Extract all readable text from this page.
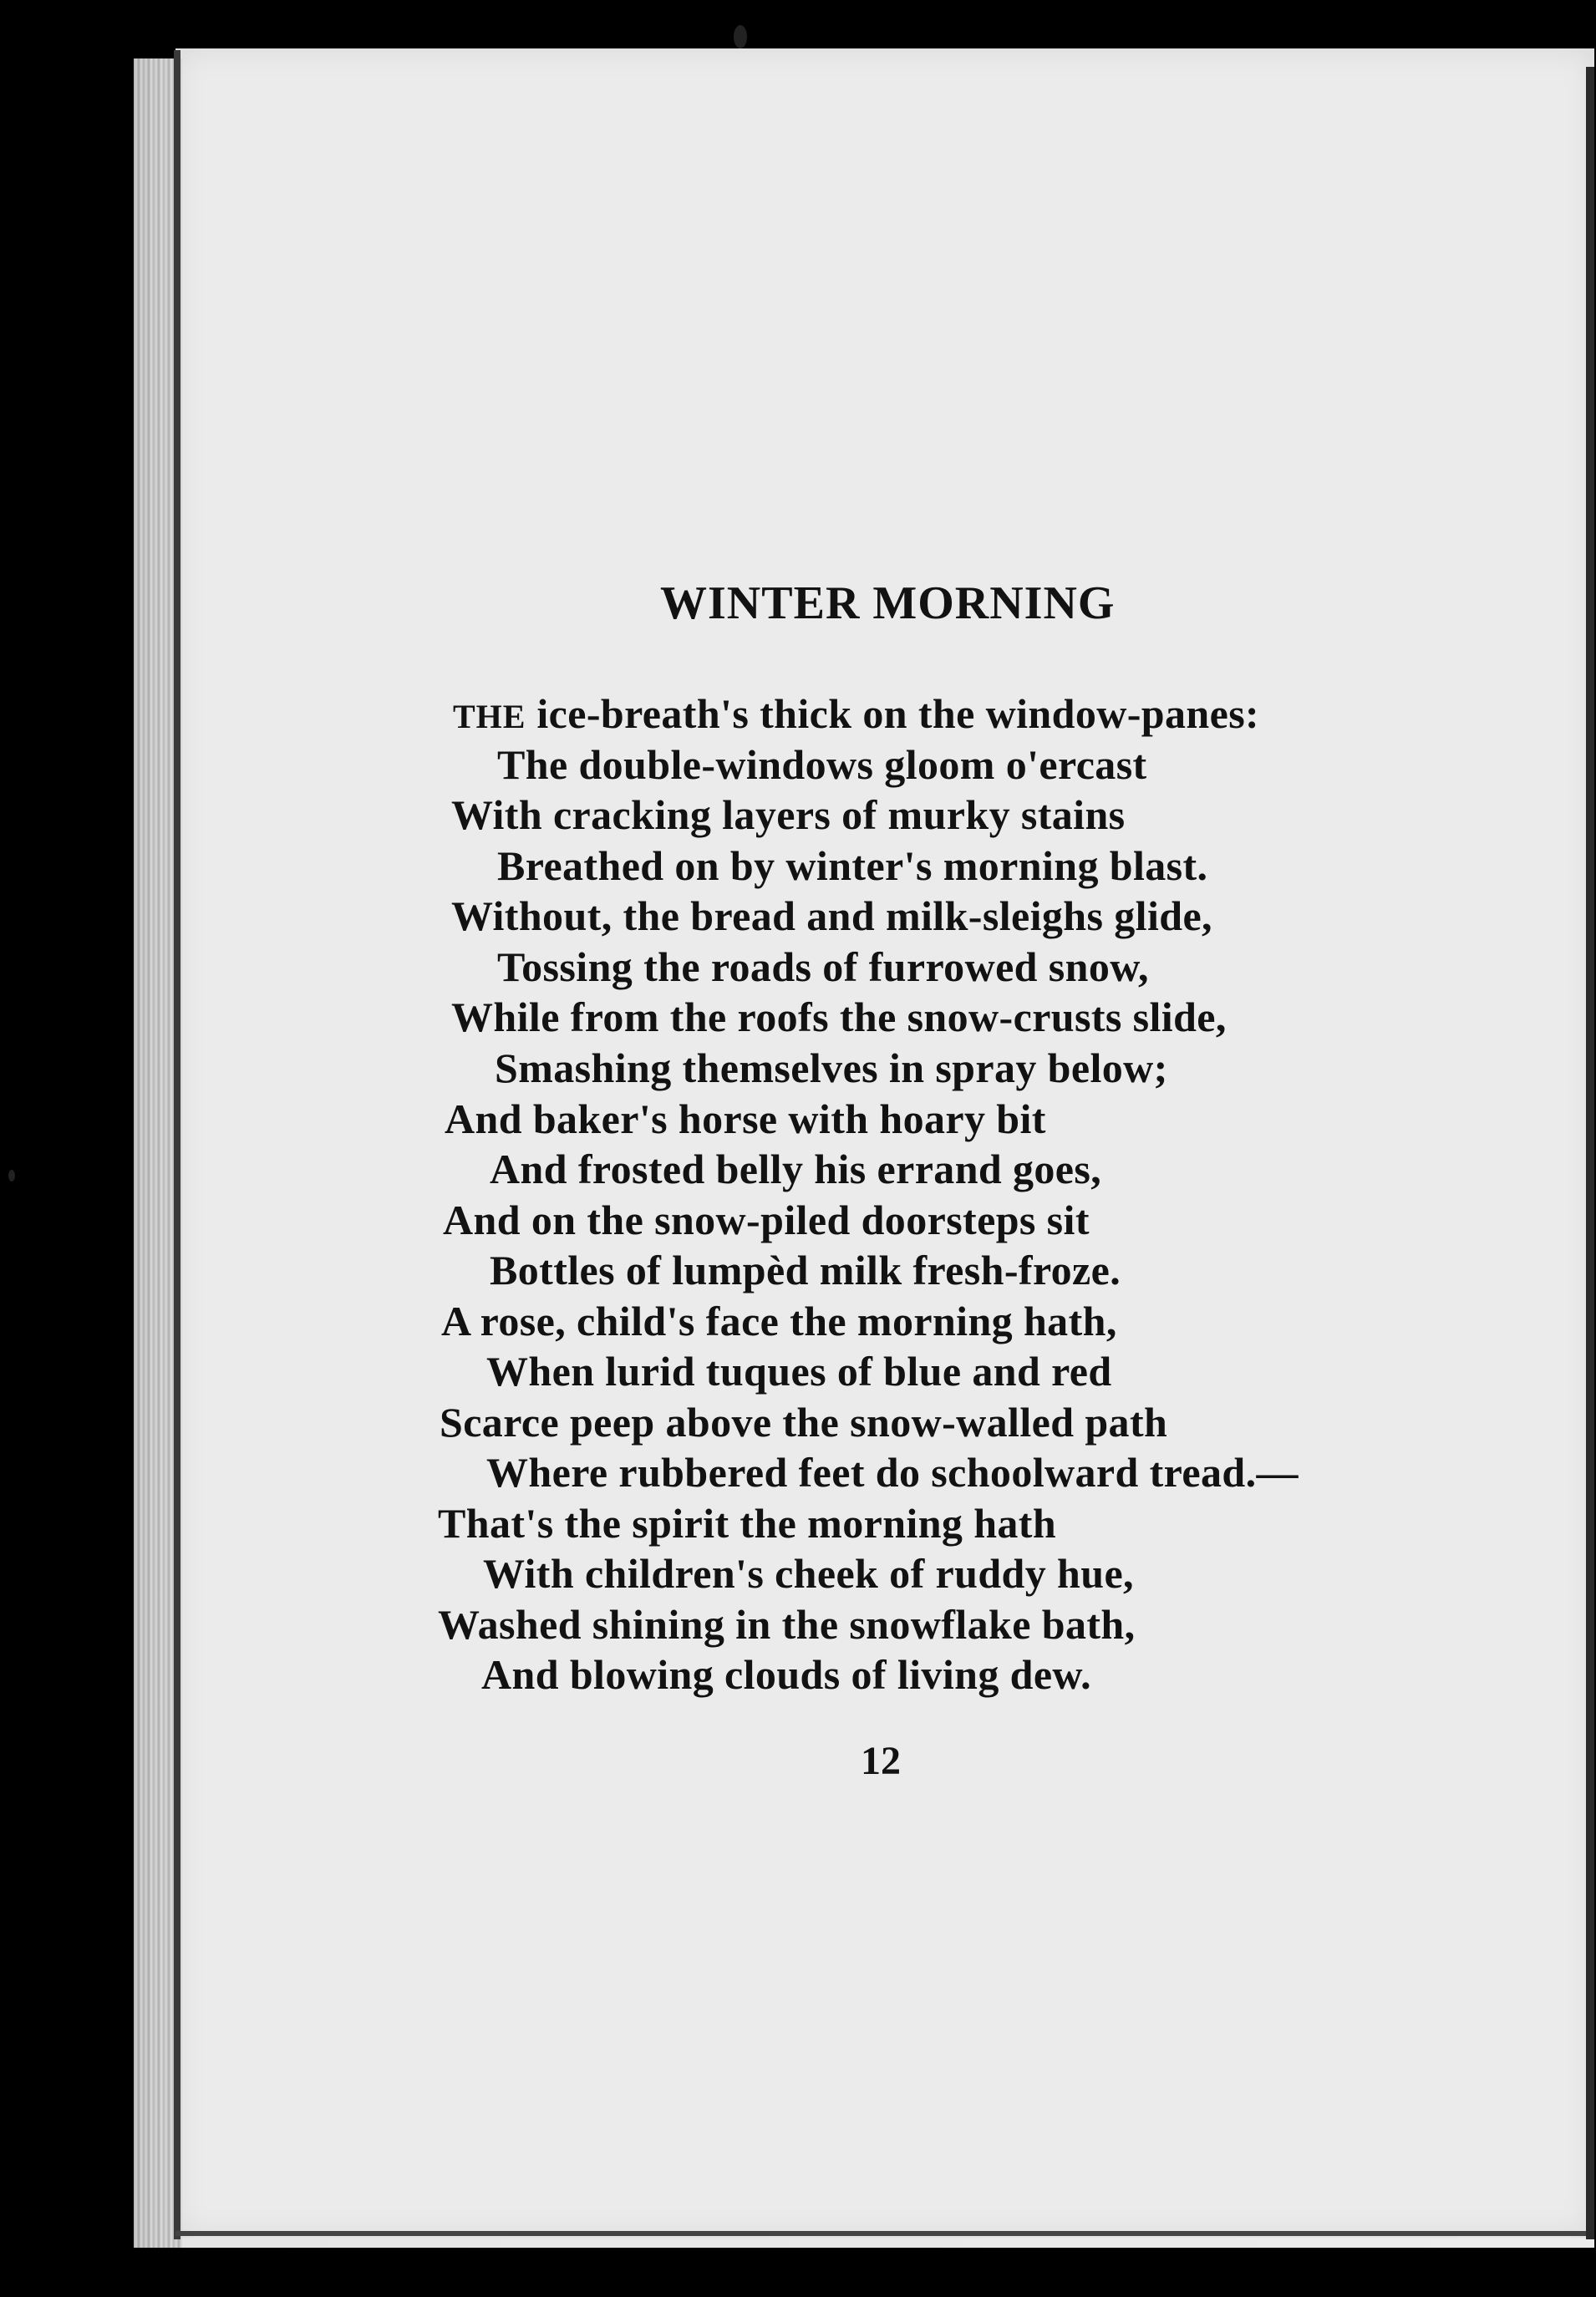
WINTER MORNING
THE ice-breath's thick on the window-panes:
The double-windows gloom o'ercast
With cracking layers of murky stains
Breathed on by winter's morning blast.
Without, the bread and milk-sleighs glide,
Tossing the roads of furrowed snow,
While from the roofs the snow-crusts slide,
Smashing themselves in spray below;
And baker's horse with hoary bit
And frosted belly his errand goes,
And on the snow-piled doorsteps sit
Bottles of lumpèd milk fresh-froze.
A rose, child's face the morning hath,
When lurid tuques of blue and red
Scarce peep above the snow-walled path
Where rubbered feet do schoolward tread.—
That's the spirit the morning hath
With children's cheek of ruddy hue,
Washed shining in the snowflake bath,
And blowing clouds of living dew.
12
